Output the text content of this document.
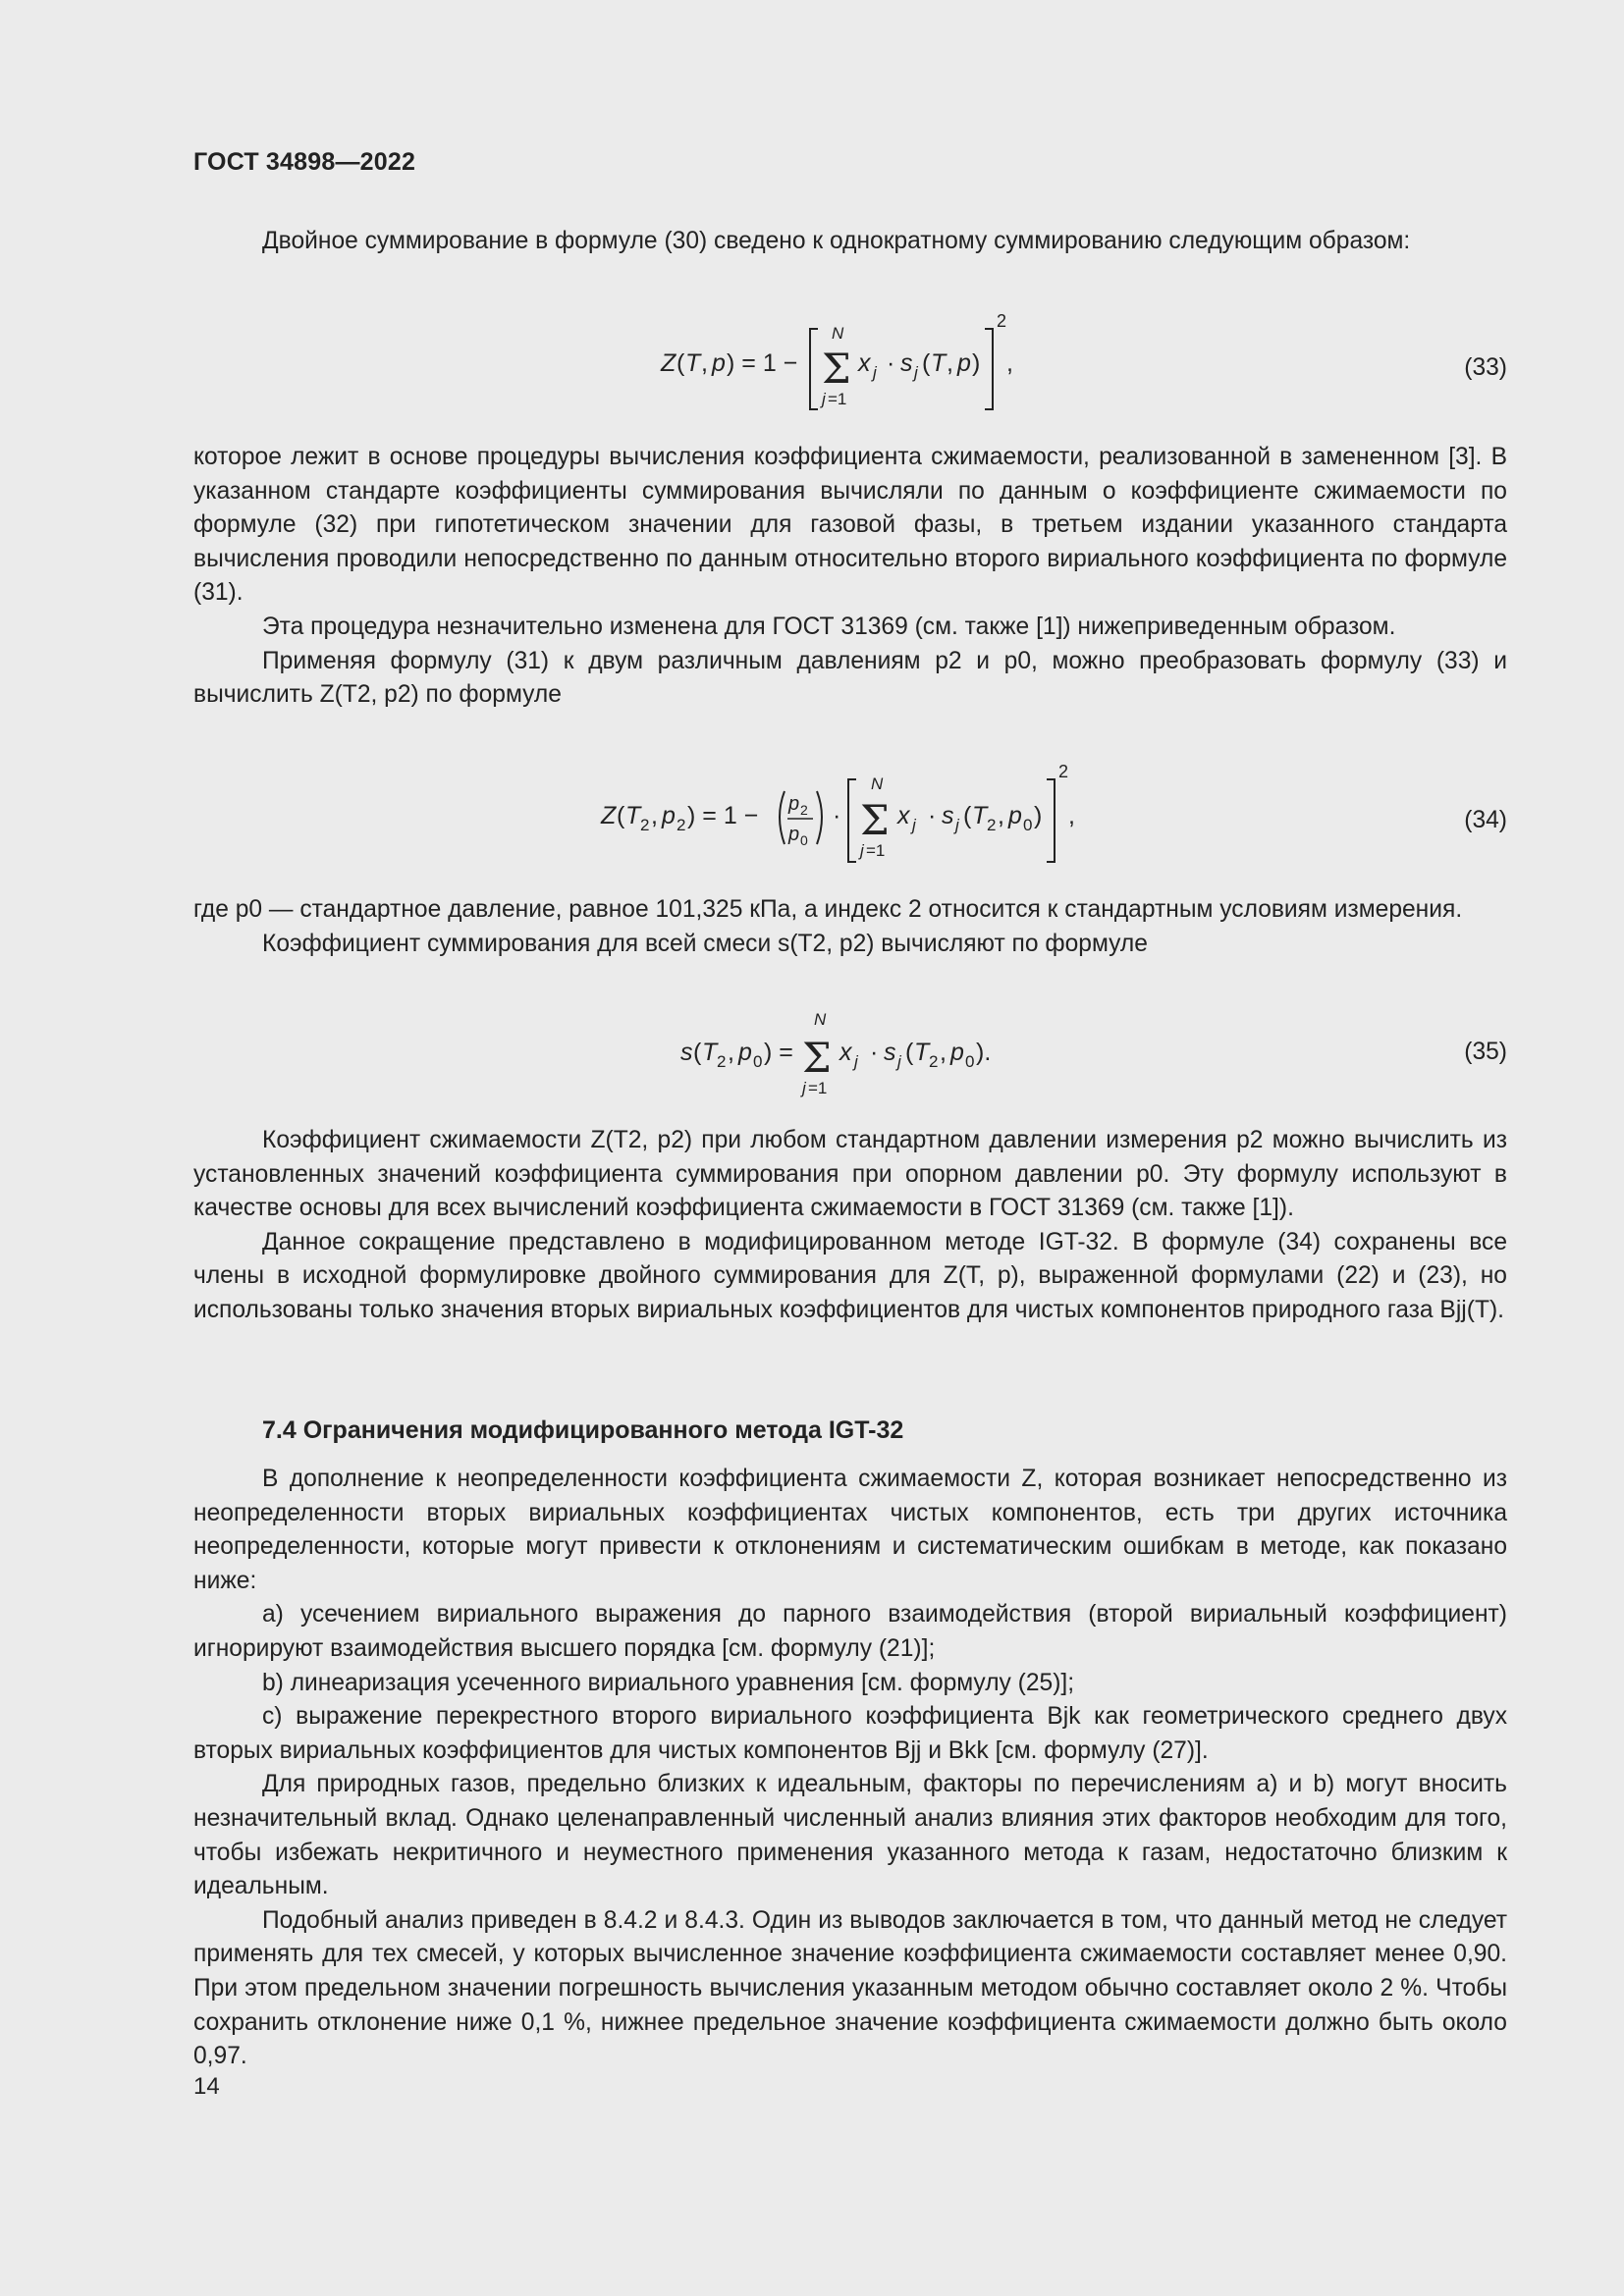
ГОСТ 34898—2022

Двойное суммирование в формуле (30) сведено к однократному суммированию следующим образом:

Z ( T , p ) = 1 −
N
Σ
j =1
x j · s j ( T , p )
2
,	(33)

которое лежит в основе процедуры вычисления коэффициента сжимаемости, реализованной в замененном [3]. В указанном стандарте коэффициенты суммирования вычисляли по данным о коэффициенте сжимаемости по формуле (32) при гипотетическом значении для газовой фазы, в третьем издании указанного стандарта вычисления проводили непосредственно по данным относительно второго вириального коэффициента по формуле (31).

Эта процедура незначительно изменена для ГОСТ 31369 (см. также [1]) нижеприведенным образом.

Применяя формулу (31) к двум различным давлениям p2 и p0, можно преобразовать формулу (33) и вычислить Z(T2, p2) по формуле

Z ( T 2 , p 2 ) = 1 − p 2
p 0
·
N
Σ
j =1
x j · s j ( T 2 , p 0 )
2
,	(34)

где p0 — стандартное давление, равное 101,325 кПа, а индекс 2 относится к стандартным условиям измерения.

Коэффициент суммирования для всей смеси s(T2, p2) вычисляют по формуле

s ( T 2 , p 0 ) =
N
Σ
j =1
x j · s j ( T 2 , p 0 ).	(35)

Коэффициент сжимаемости Z(T2, p2) при любом стандартном давлении измерения p2 можно вычислить из установленных значений коэффициента суммирования при опорном давлении p0. Эту формулу используют в качестве основы для всех вычислений коэффициента сжимаемости в ГОСТ 31369 (см. также [1]).

Данное сокращение представлено в модифицированном методе IGT-32. В формуле (34) сохранены все члены в исходной формулировке двойного суммирования для Z(T, p), выраженной формулами (22) и (23), но использованы только значения вторых вириальных коэффициентов для чистых компонентов природного газа Bjj(T).

7.4 Ограничения модифицированного метода IGT-32

В дополнение к неопределенности коэффициента сжимаемости Z, которая возникает непосредственно из неопределенности вторых вириальных коэффициентах чистых компонентов, есть три других источника неопределенности, которые могут привести к отклонениям и систематическим ошибкам в методе, как показано ниже:

a) усечением вириального выражения до парного взаимодействия (второй вириальный коэффициент) игнорируют взаимодействия высшего порядка [см. формулу (21)];

b) линеаризация усеченного вириального уравнения [см. формулу (25)];

c) выражение перекрестного второго вириального коэффициента Bjk как геометрического среднего двух вторых вириальных коэффициентов для чистых компонентов Bjj и Bkk [см. формулу (27)].

Для природных газов, предельно близких к идеальным, факторы по перечислениям a) и b) могут вносить незначительный вклад. Однако целенаправленный численный анализ влияния этих факторов необходим для того, чтобы избежать некритичного и неуместного применения указанного метода к газам, недостаточно близким к идеальным.

Подобный анализ приведен в 8.4.2 и 8.4.3. Один из выводов заключается в том, что данный метод не следует применять для тех смесей, у которых вычисленное значение коэффициента сжимаемости составляет менее 0,90. При этом предельном значении погрешность вычисления указанным методом обычно составляет около 2 %. Чтобы сохранить отклонение ниже 0,1 %, нижнее предельное значение коэффициента сжимаемости должно быть около 0,97.

14
